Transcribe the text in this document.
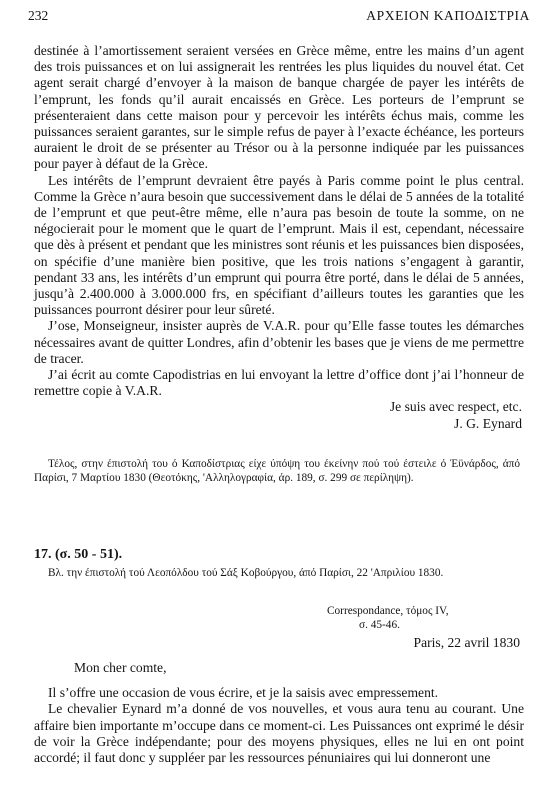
232	ΑΡΧΕΙΟΝ ΚΑΠΟΔΙΣΤΡΙΑ

destinée à l’amortissement seraient versées en Grèce même, entre les mains d’un agent des trois puissances et on lui assignerait les rentrées les plus liquides du nouvel état. Cet agent serait chargé d’envoyer à la maison de banque chargée de payer les intérêts de l’emprunt, les fonds qu’il aurait encaissés en Grèce. Les porteurs de l’emprunt se présenteraient dans cette maison pour y percevoir les intérêts échus mais, comme les puissances seraient garantes, sur le simple refus de payer à l’exacte échéance, les porteurs auraient le droit de se présenter au Trésor ou à la personne indiquée par les puissances pour payer à défaut de la Grèce.

Les intérêts de l’emprunt devraient être payés à Paris comme point le plus central. Comme la Grèce n’aura besoin que successivement dans le délai de 5 années de la totalité de l’emprunt et que peut-être même, elle n’aura pas besoin de toute la somme, on ne négocierait pour le moment que le quart de l’emprunt. Mais il est, cependant, nécessaire que dès à présent et pendant que les ministres sont réunis et les puissances bien disposées, on spécifie d’une manière bien positive, que les trois nations s’engagent à garantir, pendant 33 ans, les intérêts d’un emprunt qui pourra être porté, dans le délai de 5 années, jusqu’à 2.400.000 à 3.000.000 frs, en spécifiant d’ailleurs toutes les garanties que les puissances pourront désirer pour leur sûreté.

J’ose, Monseigneur, insister auprès de V.A.R. pour qu’Elle fasse toutes les démarches nécessaires avant de quitter Londres, afin d’obtenir les bases que je viens de me permettre de tracer.

J’ai écrit au comte Capodistrias en lui envoyant la lettre d’office dont j’ai l’honneur de remettre copie à V.A.R.

Je suis avec respect, etc.

J. G. Eynard

Τέλος, στην έπιστολή του ό Καποδίστριας είχε ύπόψη του έκείνην πού τού έστειλε ό Έϋνάρδος, άπό Παρίσι, 7 Μαρτίου 1830 (Θεοτόκης, 'Αλληλογραφία, άρ. 189, σ. 299 σε περίληψη).
17. (σ. 50 - 51).
Βλ. την έπιστολή τού Λεοπόλδου τού Σάξ Κοβούργου, άπό Παρίσι, 22 'Απριλίου 1830.
Correspondance, τόμος IV,
σ. 45-46.
Paris, 22 avril 1830

Mon cher comte,

Il s’offre une occasion de vous écrire, et je la saisis avec empressement.

Le chevalier Eynard m’a donné de vos nouvelles, et vous aura tenu au courant. Une affaire bien importante m’occupe dans ce moment-ci. Les Puissances ont exprimé le désir de voir la Grèce indépendante; pour des moyens physiques, elles ne lui en ont point accordé; il faut donc y suppléer par les ressources pénuniaires qui lui donneront une
